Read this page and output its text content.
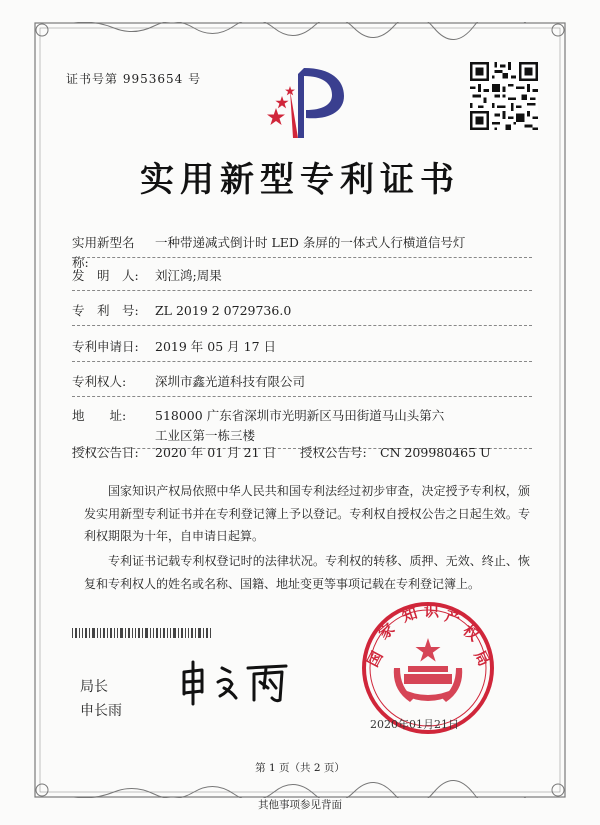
证书号第 9953654 号
实用新型专利证书
实用新型名称:
一种带递减式倒计时 LED 条屏的一体式人行横道信号灯
发　明　人:	刘江鸿;周果
专　利　号:	ZL 2019 2 0729736.0
专利申请日:	2019 年 05 月 17 日
专利权人:	深圳市鑫光道科技有限公司
地　　址:	518000 广东省深圳市光明新区马田街道马山头第六工业区第一栋三楼
授权公告日:	2020 年 01 月 21 日	授权公告号:	CN 209980465 U
国家知识产权局依照中华人民共和国专利法经过初步审查，决定授予专利权，颁发实用新型专利证书并在专利登记簿上予以登记。专利权自授权公告之日起生效。专利权期限为十年，自申请日起算。
专利证书记载专利权登记时的法律状况。专利权的转移、质押、无效、终止、恢复和专利权人的姓名或名称、国籍、地址变更等事项记载在专利登记簿上。
局长
申长雨
国
家
知 识 产
权
局
2020年01月21日
第 1 页（共 2 页）
其他事项参见背面
